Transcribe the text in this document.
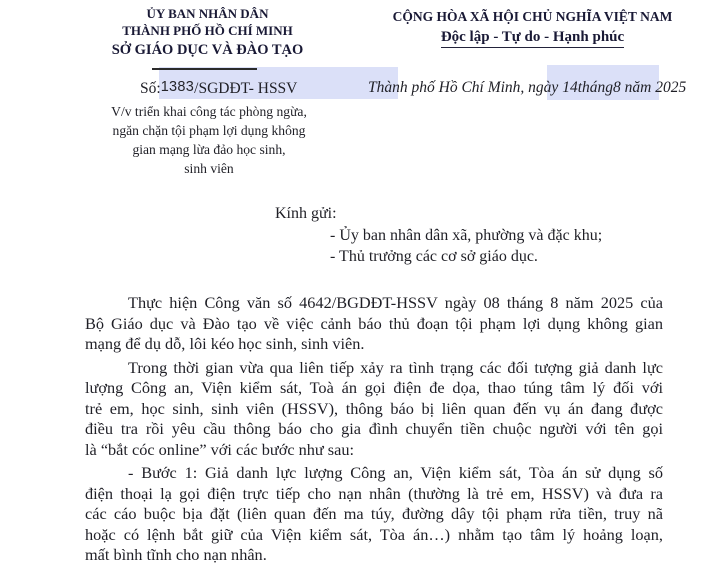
ỦY BAN NHÂN DÂN
THÀNH PHỐ HỒ CHÍ MINH
SỞ GIÁO DỤC VÀ ĐÀO TẠO
CỘNG HÒA XÃ HỘI CHỦ NGHĨA VIỆT NAM
Độc lập - Tự do - Hạnh phúc
Số:1383/SGDĐT- HSSV	Thành phố Hồ Chí Minh, ngày 14tháng8 năm 2025
V/v triển khai công tác phòng ngừa,
ngăn chặn tội phạm lợi dụng không
gian mạng lừa đảo học sinh,
sinh viên
Kính gửi:
- Ủy ban nhân dân xã, phường và đặc khu;
- Thủ trưởng các cơ sở giáo dục.
Thực hiện Công văn số 4642/BGDĐT-HSSV ngày 08 tháng 8 năm 2025 của
Bộ Giáo dục và Đào tạo về việc cảnh báo thủ đoạn tội phạm lợi dụng không gian
mạng để dụ dỗ, lôi kéo học sinh, sinh viên.
Trong thời gian vừa qua liên tiếp xảy ra tình trạng các đối tượng giả danh lực
lượng Công an, Viện kiểm sát, Toà án gọi điện đe dọa, thao túng tâm lý đối với
trẻ em, học sinh, sinh viên (HSSV), thông báo bị liên quan đến vụ án đang được
điều tra rồi yêu cầu thông báo cho gia đình chuyển tiền chuộc người với tên gọi
là “bắt cóc online” với các bước như sau:
- Bước 1: Giả danh lực lượng Công an, Viện kiểm sát, Tòa án sử dụng số
điện thoại lạ gọi điện trực tiếp cho nạn nhân (thường là trẻ em, HSSV) và đưa ra
các cáo buộc bịa đặt (liên quan đến ma túy, đường dây tội phạm rửa tiền, truy nã
hoặc có lệnh bắt giữ của Viện kiểm sát, Tòa án…) nhằm tạo tâm lý hoảng loạn,
mất bình tĩnh cho nạn nhân.
